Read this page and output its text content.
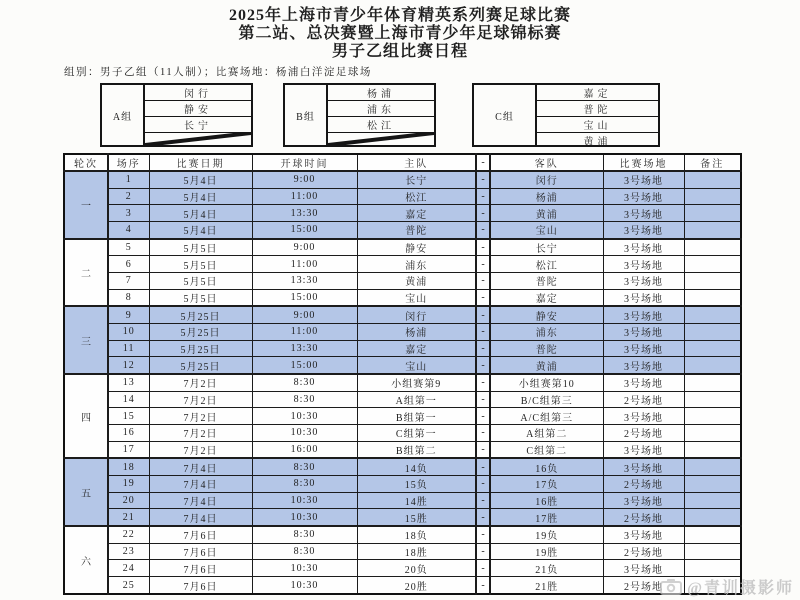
2025年上海市青少年体育精英系列赛足球比赛
第二站、总决赛暨上海市青少年足球锦标赛
男子乙组比赛日程
组别：男子乙组（11人制）；比赛场地：杨浦白洋淀足球场
A组
闵行
静安
长宁
B组
杨浦
浦东
松江
C组
嘉定
普陀
宝山
黄浦
轮次	场序	比赛日期	开球时间	主队	-	客队	比赛场地	备注
一	1	5月4日	9:00	长宁	-	闵行	3号场地	
	2	5月4日	11:00	松江	-	杨浦	3号场地	
	3	5月4日	13:30	嘉定	-	黄浦	3号场地	
	4	5月4日	15:00	普陀	-	宝山	3号场地	
二	5	5月5日	9:00	静安	-	长宁	3号场地	
	6	5月5日	11:00	浦东	-	松江	3号场地	
	7	5月5日	13:30	黄浦	-	普陀	3号场地	
	8	5月5日	15:00	宝山	-	嘉定	3号场地	
三	9	5月25日	9:00	闵行	-	静安	3号场地	
	10	5月25日	11:00	杨浦	-	浦东	3号场地	
	11	5月25日	13:30	嘉定	-	普陀	3号场地	
	12	5月25日	15:00	宝山	-	黄浦	3号场地	
四	13	7月2日	8:30	小组赛第9	-	小组赛第10	3号场地	
	14	7月2日	8:30	A组第一	-	B/C组第三	2号场地	
	15	7月2日	10:30	B组第一	-	A/C组第三	3号场地	
	16	7月2日	10:30	C组第一	-	A组第二	2号场地	
	17	7月2日	16:00	B组第二	-	C组第二	3号场地	
五	18	7月4日	8:30	14负	-	16负	3号场地	
	19	7月4日	8:30	15负	-	17负	2号场地	
	20	7月4日	10:30	14胜	-	16胜	3号场地	
	21	7月4日	10:30	15胜	-	17胜	2号场地	
六	22	7月6日	8:30	18负	-	19负	3号场地	
	23	7月6日	8:30	18胜	-	19胜	2号场地	
	24	7月6日	10:30	20负	-	21负	3号场地	
	25	7月6日	10:30	20胜	-	21胜	2号场地	@青训摄影师
